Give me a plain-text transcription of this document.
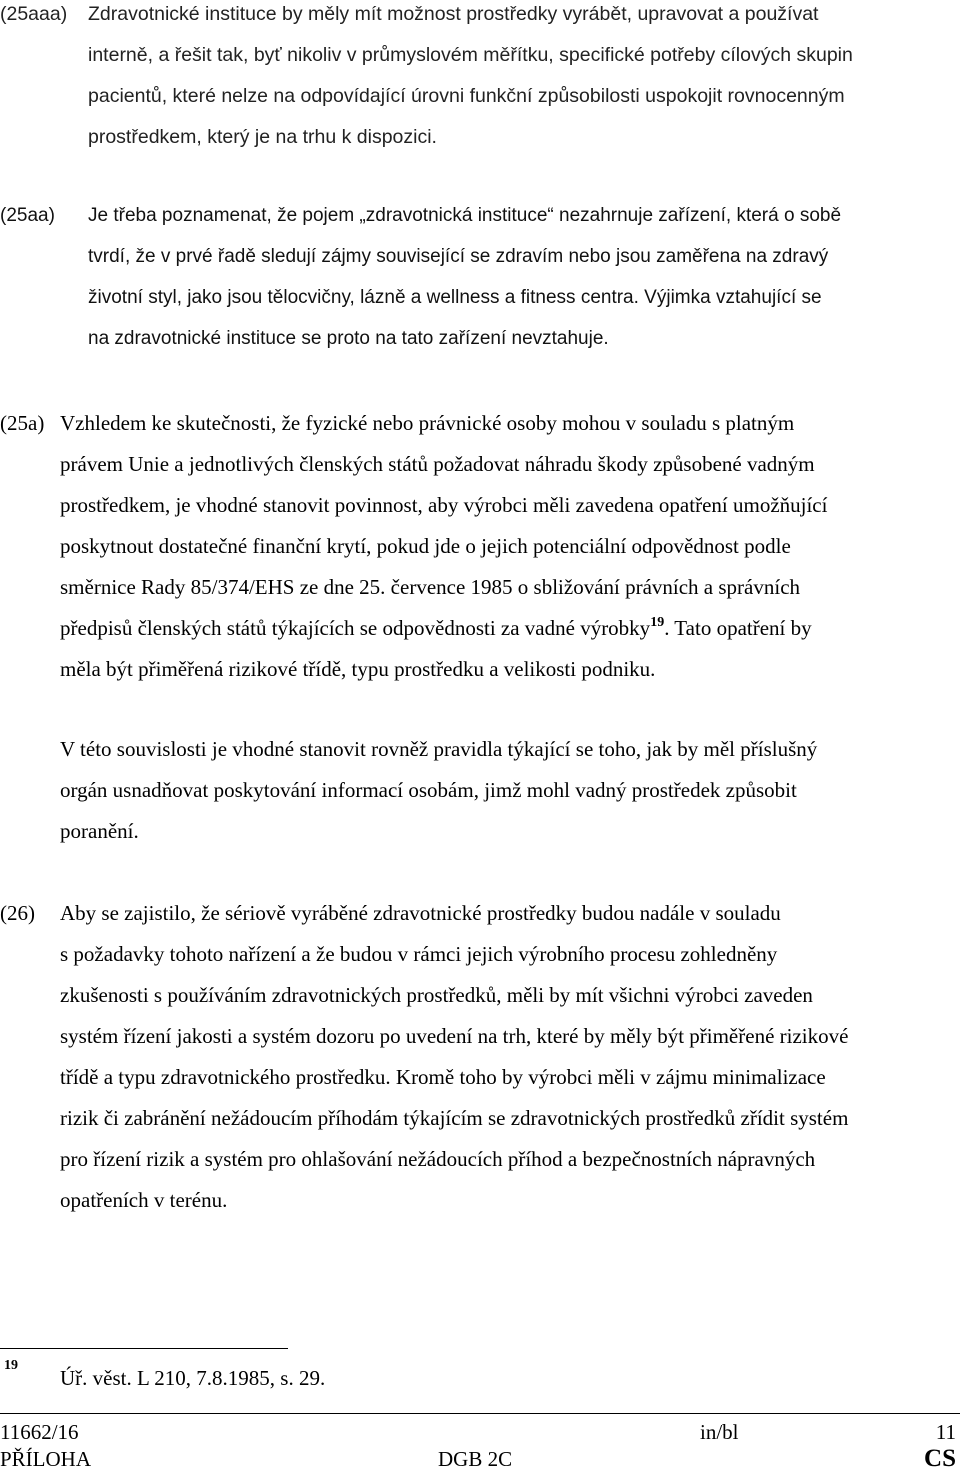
(25aaa) Zdravotnické instituce by měly mít možnost prostředky vyrábět, upravovat a používat
interně, a řešit tak, byť nikoliv v průmyslovém měřítku, specifické potřeby cílových skupin
pacientů, které nelze na odpovídající úrovni funkční způsobilosti uspokojit rovnocenným
prostředkem, který je na trhu k dispozici.
(25aa) Je třeba poznamenat, že pojem „zdravotnická instituce“ nezahrnuje zařízení, která o sobě
tvrdí, že v prvé řadě sledují zájmy související se zdravím nebo jsou zaměřena na zdravý
životní styl, jako jsou tělocvičny, lázně a wellness a fitness centra. Výjimka vztahující se
na zdravotnické instituce se proto na tato zařízení nevztahuje.
(25a) Vzhledem ke skutečnosti, že fyzické nebo právnické osoby mohou v souladu s platným
právem Unie a jednotlivých členských států požadovat náhradu škody způsobené vadným
prostředkem, je vhodné stanovit povinnost, aby výrobci měli zavedena opatření umožňující
poskytnout dostatečné finanční krytí, pokud jde o jejich potenciální odpovědnost podle
směrnice Rady 85/374/EHS ze dne 25. července 1985 o sbližování právních a správních
předpisů členských států týkajících se odpovědnosti za vadné výrobky$^{19}$. Tato opatření by
měla být přiměřená rizikové třídě, typu prostředku a velikosti podniku.
V této souvislosti je vhodné stanovit rovněž pravidla týkající se toho, jak by měl příslušný
orgán usnadňovat poskytování informací osobám, jimž mohl vadný prostředek způsobit
poranění.
(26) Aby se zajistilo, že sériově vyráběné zdravotnické prostředky budou nadále v souladu
s požadavky tohoto nařízení a že budou v rámci jejich výrobního procesu zohledněny
zkušenosti s používáním zdravotnických prostředků, měli by mít všichni výrobci zaveden
systém řízení jakosti a systém dozoru po uvedení na trh, které by měly být přiměřené rizikové
třídě a typu zdravotnického prostředku. Kromě toho by výrobci měli v zájmu minimalizace
rizik či zabránění nežádoucím příhodám týkajícím se zdravotnických prostředků zřídit systém
pro řízení rizik a systém pro ohlašování nežádoucích příhod a bezpečnostních nápravných
opatřeních v terénu.
19
Úř. věst. L 210, 7.8.1985, s. 29.
11662/16	in/bl	11
PŘÍLOHA	DGB 2C	CS
